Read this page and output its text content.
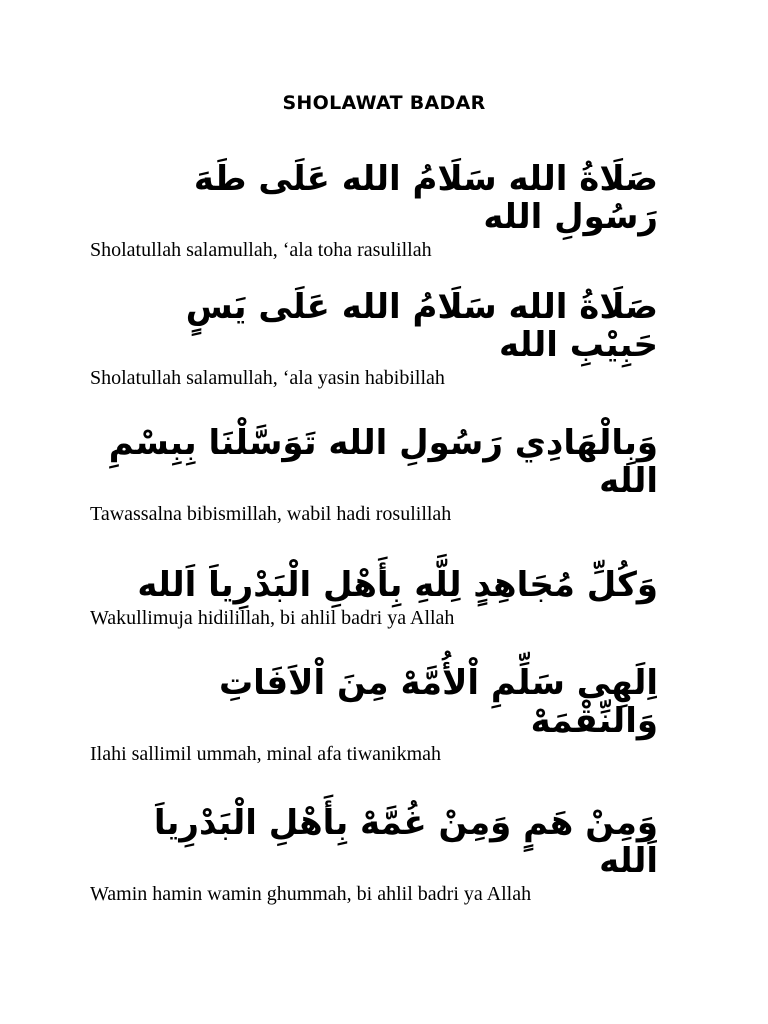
SHOLAWAT BADAR
صَلَاةُ الله سَلَامُ الله عَلَى طَهَ رَسُولِ الله
Sholatullah salamullah, ‘ala toha rasulillah
صَلَاةُ الله سَلَامُ الله عَلَى يَسٍ حَبِيْبِ الله
Sholatullah salamullah, ‘ala yasin habibillah
وَبِالْهَادِي رَسُولِ الله تَوَسَّلْنَا بِبِسْمِ الله
Tawassalna bibismillah, wabil hadi rosulillah
وَكُلِّ مُجَاهِدٍ لِلَّهِ بِأَهْلِ الْبَدْرِياَ اَلله
Wakullimuja hidilillah, bi ahlil badri ya Allah
اِلَهِى سَلِّمِ اْلأُمَّهْ مِنَ اْلاَفَاتِ وَالنِّقْمَهْ
Ilahi sallimil ummah, minal afa tiwanikmah
وَمِنْ هَمٍ وَمِنْ غُمَّهْ بِأَهْلِ الْبَدْرِياَ اَلله
Wamin hamin wamin ghummah, bi ahlil badri ya Allah
